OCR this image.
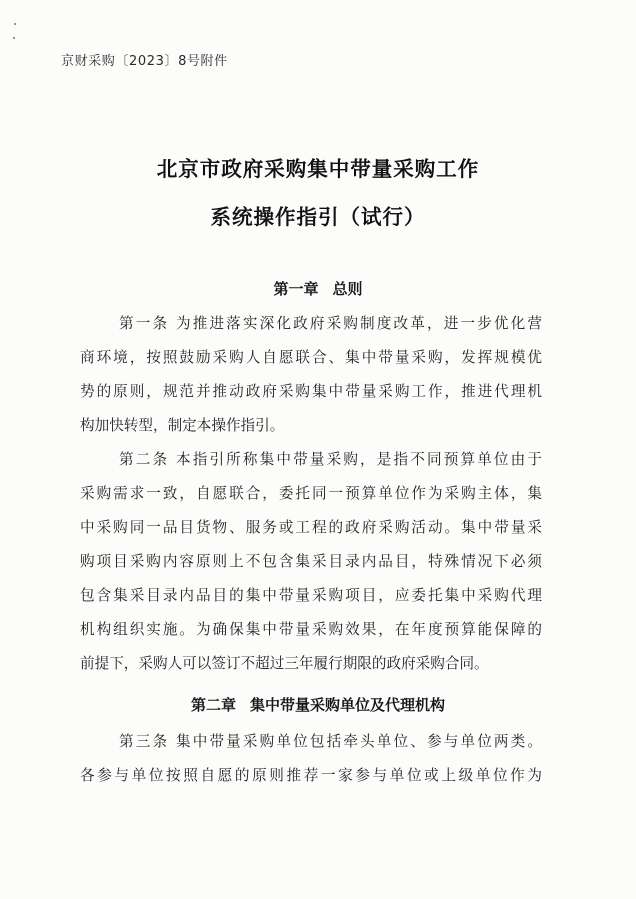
京财采购〔2023〕8号附件
北京市政府采购集中带量采购工作
系统操作指引（试行）
第一章 总则
第一条 为推进落实深化政府采购制度改革，进一步优化营
商环境，按照鼓励采购人自愿联合、集中带量采购，发挥规模优
势的原则，规范并推动政府采购集中带量采购工作，推进代理机
构加快转型，制定本操作指引。
第二条 本指引所称集中带量采购，是指不同预算单位由于
采购需求一致，自愿联合，委托同一预算单位作为采购主体，集
中采购同一品目货物、服务或工程的政府采购活动。集中带量采
购项目采购内容原则上不包含集采目录内品目，特殊情况下必须
包含集采目录内品目的集中带量采购项目，应委托集中采购代理
机构组织实施。为确保集中带量采购效果，在年度预算能保障的
前提下，采购人可以签订不超过三年履行期限的政府采购合同。
第二章 集中带量采购单位及代理机构
第三条 集中带量采购单位包括牵头单位、参与单位两类。
各参与单位按照自愿的原则推荐一家参与单位或上级单位作为
